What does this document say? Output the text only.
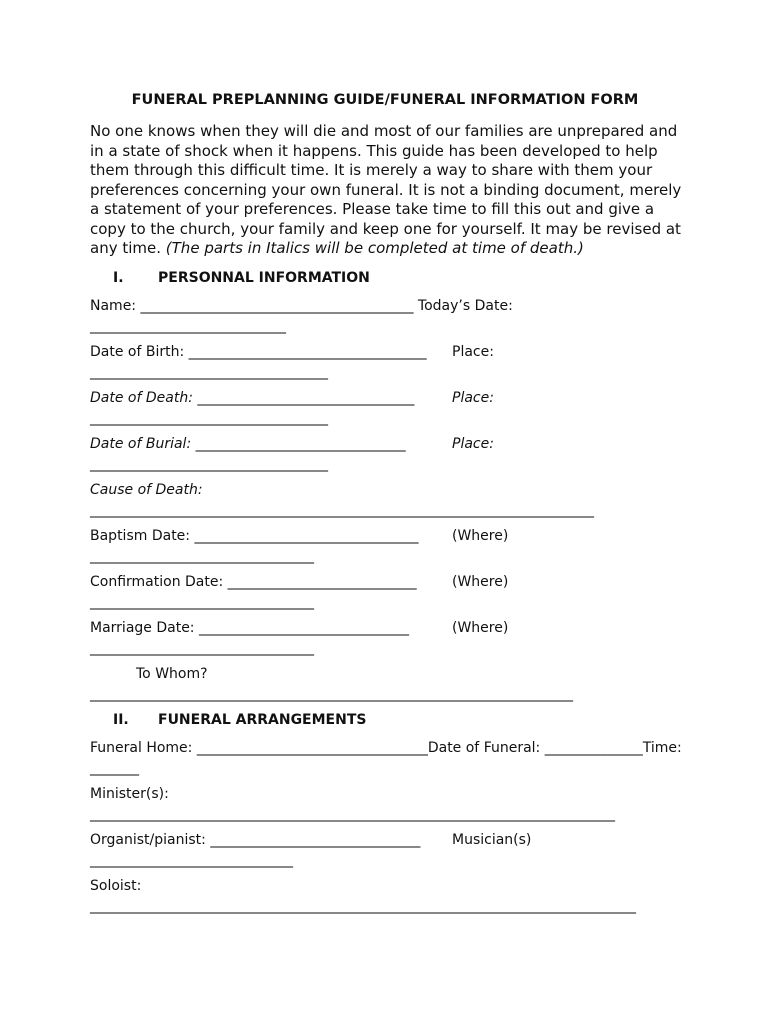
FUNERAL PREPLANNING GUIDE/FUNERAL INFORMATION FORM
No one knows when they will die and most of our families are unprepared and in a state of shock when it happens. This guide has been developed to help them through this difficult time. It is merely a way to share with them your preferences concerning your own funeral. It is not a binding document, merely a statement of your preferences. Please take time to fill this out and give a copy to the church, your family and keep one for yourself. It may be revised at any time. (The parts in Italics will be completed at time of death.)
I. PERSONNAL INFORMATION
Name: _______________________________________ Today’s Date:
____________________________
Date of Birth: __________________________________ Place:
__________________________________
Date of Death: _______________________________	Place:
__________________________________
Date of Burial: ______________________________	Place:
__________________________________
Cause of Death:
________________________________________________________________________
Baptism Date: ________________________________ (Where)
________________________________
Confirmation Date: ___________________________	(Where)
________________________________
Marriage Date: ______________________________	(Where)
________________________________
To Whom?
_____________________________________________________________________
II. FUNERAL ARRANGEMENTS
Funeral Home: _________________________________Date of Funeral: ______________Time:
_______
Minister(s):
___________________________________________________________________________
Organist/pianist: ______________________________ Musician(s)
_____________________________
Soloist:
______________________________________________________________________________
